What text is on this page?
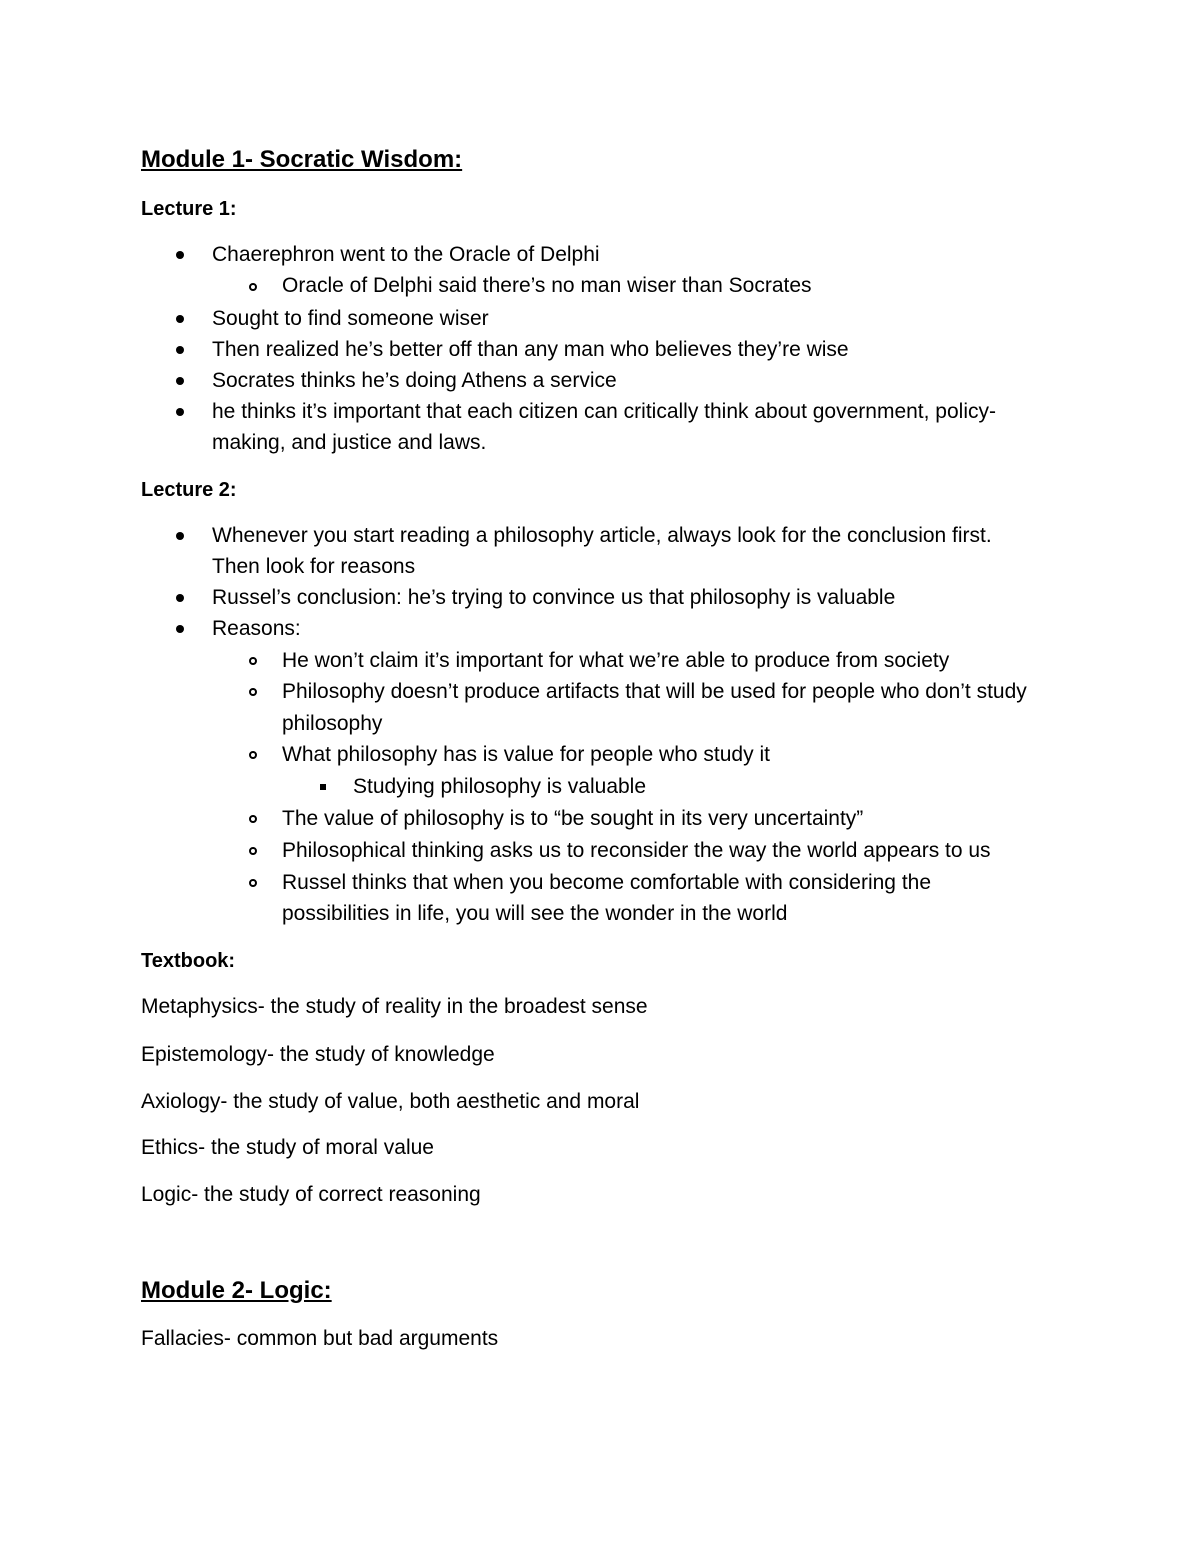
Module 1- Socratic Wisdom:
Lecture 1:
Chaerephron went to the Oracle of Delphi
Oracle of Delphi said there’s no man wiser than Socrates
Sought to find someone wiser
Then realized he’s better off than any man who believes they’re wise
Socrates thinks he’s doing Athens a service
he thinks it’s important that each citizen can critically think about government, policy-
making, and justice and laws.
Lecture 2:
Whenever you start reading a philosophy article, always look for the conclusion first.
Then look for reasons
Russel’s conclusion: he’s trying to convince us that philosophy is valuable
Reasons:
He won’t claim it’s important for what we’re able to produce from society
Philosophy doesn’t produce artifacts that will be used for people who don’t study
philosophy
What philosophy has is value for people who study it
Studying philosophy is valuable
The value of philosophy is to “be sought in its very uncertainty”
Philosophical thinking asks us to reconsider the way the world appears to us
Russel thinks that when you become comfortable with considering the
possibilities in life, you will see the wonder in the world
Textbook:
Metaphysics- the study of reality in the broadest sense
Epistemology- the study of knowledge
Axiology- the study of value, both aesthetic and moral
Ethics- the study of moral value
Logic- the study of correct reasoning
Module 2- Logic:
Fallacies- common but bad arguments
